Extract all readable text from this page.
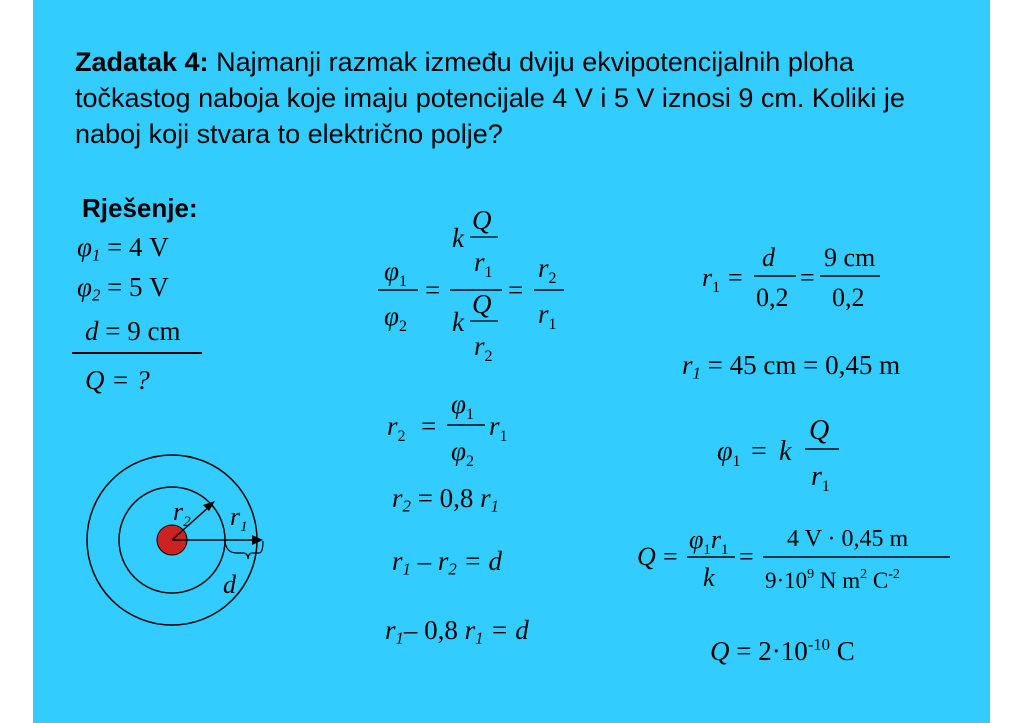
Zadatak 4: Najmanji razmak između dviju ekvipotencijalnih ploha točkastog naboja koje imaju potencijale 4 V i 5 V iznosi 9 cm. Koliki je naboj koji stvara to električno polje?
Rješenje:
$\varphi_1 = 4$ V
$\varphi_2 = 5$ V
d = 9 cm
Q = ?
$r_2$ $r_1$
d
$\varphi_1$
$\varphi_2$
=
k
Q
$r_1$
k
Q
$r_2$
=
$r_2$
$r_1$
$r_2$ =
$\varphi_1$
$\varphi_2$
$r_1$
$r_2 = 0,8$ $r_1$
$r_1 - r_2 = d$
$r_1-$ 0,8 $r_1 = d$
$r_1$ =
d
0,2
=
9 cm
0,2
$r_1 = 45$ cm = 0,45 m
$\varphi_1 = k$
Q
$r_1$
Q =
$\varphi_1r_1$
k
=
4 V · 0,45 m
$9\cdot 10^9$ N $m^2$ $C^{-2}$
$Q = 2\cdot 10^{-10}$ C
